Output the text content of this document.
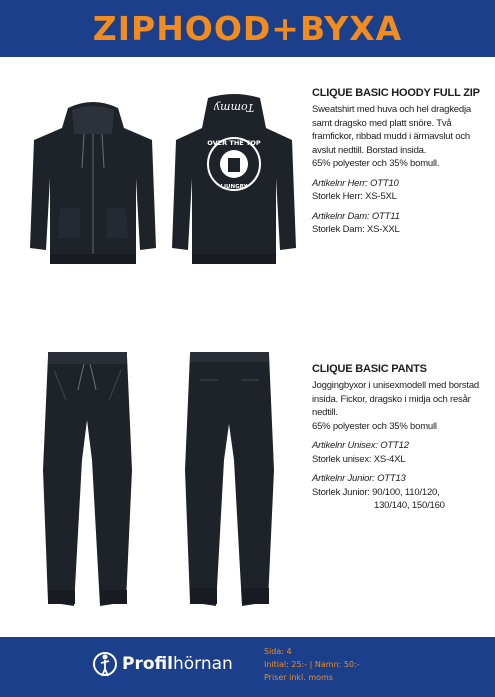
ZIPHOOD+BYXA
Tommy
OVER THE TOP
LJUNGBY
CLIQUE BASIC HOODY FULL ZIP

Sweatshirt med huva och hel dragkedja samt dragsko med platt snöre. Två framfickor, ribbad mudd i ärmavslut och avslut nedtill. Borstad insida.

65% polyester och 35% bomull.

Artikelnr Herr: OTT10
Storlek Herr: XS-5XL
Artikelnr Dam: OTT11
Storlek Dam: XS-XXL
CLIQUE BASIC PANTS

Joggingbyxor i unisexmodell med borstad insida. Fickor, dragsko i midja och resår nedtill.

65% polyester och 35% bomull

Artikelnr Unisex: OTT12
Storlek unisex: XS-4XL
Artikelnr Junior: OTT13
Storlek Junior: 90/100, 110/120,
130/140, 150/160
Profilhörnan
Sida: 4
Initial: 25:- | Namn: 50:-
Priser inkl. moms
